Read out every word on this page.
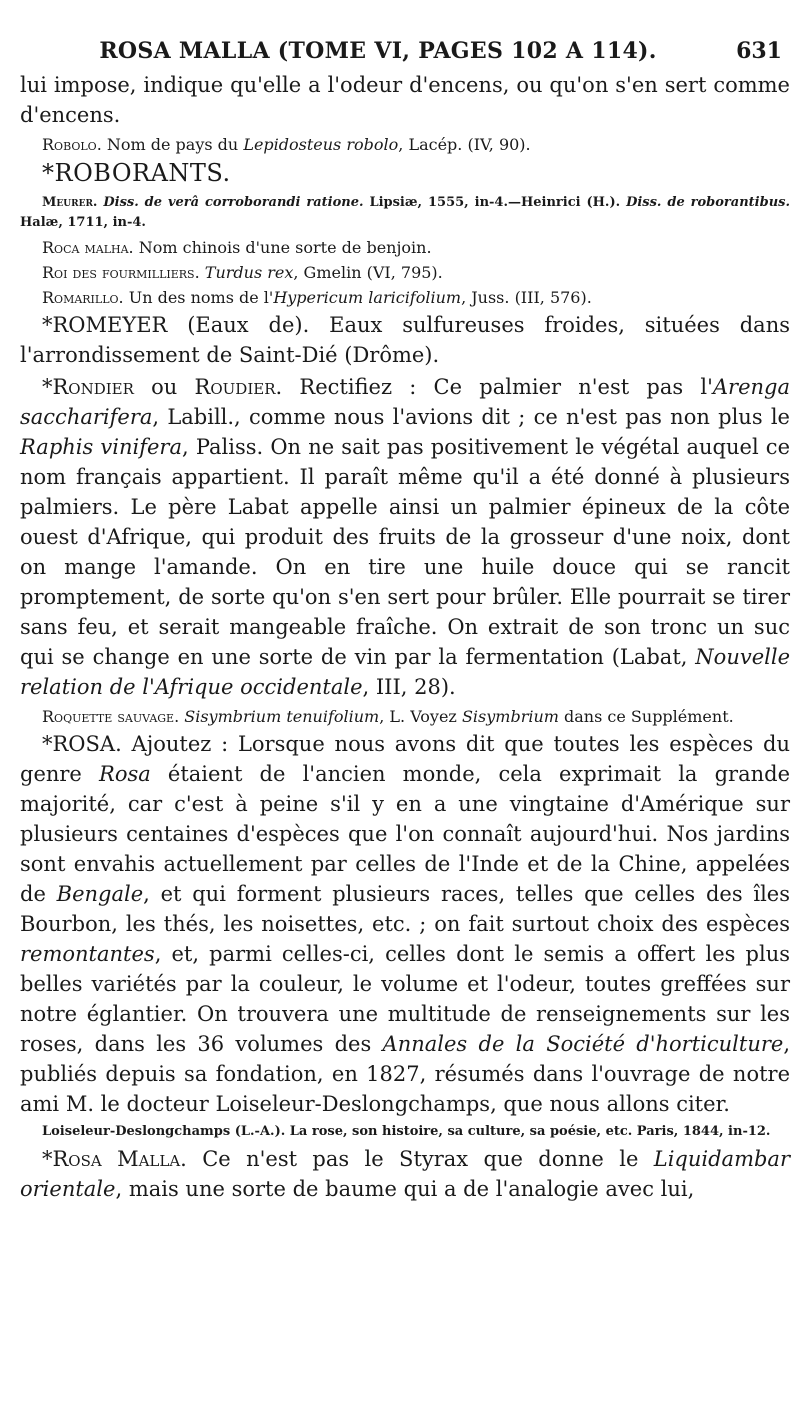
ROSA MALLA (TOME VI, PAGES 102 A 114).	631

lui impose, indique qu'elle a l'odeur d'encens, ou qu'on s'en sert comme d'encens.

Robolo. Nom de pays du Lepidosteus robolo, Lacép. (IV, 90).

*ROBORANTS.

Meurer. Diss. de verâ corroborandi ratione. Lipsiæ, 1555, in-4.—Heinrici (H.). Diss. de roborantibus. Halæ, 1711, in-4.

Roca malha. Nom chinois d'une sorte de benjoin.

Roi des fourmilliers. Turdus rex, Gmelin (VI, 795).

Romarillo. Un des noms de l'Hypericum laricifolium, Juss. (III, 576).

*ROMEYER (Eaux de). Eaux sulfureuses froides, situées dans l'arrondissement de Saint-Dié (Drôme).

*Rondier ou Roudier. Rectifiez : Ce palmier n'est pas l'Arenga saccharifera, Labill., comme nous l'avions dit ; ce n'est pas non plus le Raphis vinifera, Paliss. On ne sait pas positivement le végétal auquel ce nom français appartient. Il paraît même qu'il a été donné à plusieurs palmiers. Le père Labat appelle ainsi un palmier épineux de la côte ouest d'Afrique, qui produit des fruits de la grosseur d'une noix, dont on mange l'amande. On en tire une huile douce qui se rancit promptement, de sorte qu'on s'en sert pour brûler. Elle pourrait se tirer sans feu, et serait mangeable fraîche. On extrait de son tronc un suc qui se change en une sorte de vin par la fermentation (Labat, Nouvelle relation de l'Afrique occidentale, III, 28).

Roquette sauvage. Sisymbrium tenuifolium, L. Voyez Sisymbrium dans ce Supplément.

*ROSA. Ajoutez : Lorsque nous avons dit que toutes les espèces du genre Rosa étaient de l'ancien monde, cela exprimait la grande majorité, car c'est à peine s'il y en a une vingtaine d'Amérique sur plusieurs centaines d'espèces que l'on connaît aujourd'hui. Nos jardins sont envahis actuellement par celles de l'Inde et de la Chine, appelées de Bengale, et qui forment plusieurs races, telles que celles des îles Bourbon, les thés, les noisettes, etc. ; on fait surtout choix des espèces remontantes, et, parmi celles-ci, celles dont le semis a offert les plus belles variétés par la couleur, le volume et l'odeur, toutes greffées sur notre églantier. On trouvera une multitude de renseignements sur les roses, dans les 36 volumes des Annales de la Société d'horticulture, publiés depuis sa fondation, en 1827, résumés dans l'ouvrage de notre ami M. le docteur Loiseleur-Deslongchamps, que nous allons citer.

Loiseleur-Deslongchamps (L.-A.). La rose, son histoire, sa culture, sa poésie, etc. Paris, 1844, in-12.

*Rosa Malla. Ce n'est pas le Styrax que donne le Liquidambar orientale, mais une sorte de baume qui a de l'analogie avec lui,
